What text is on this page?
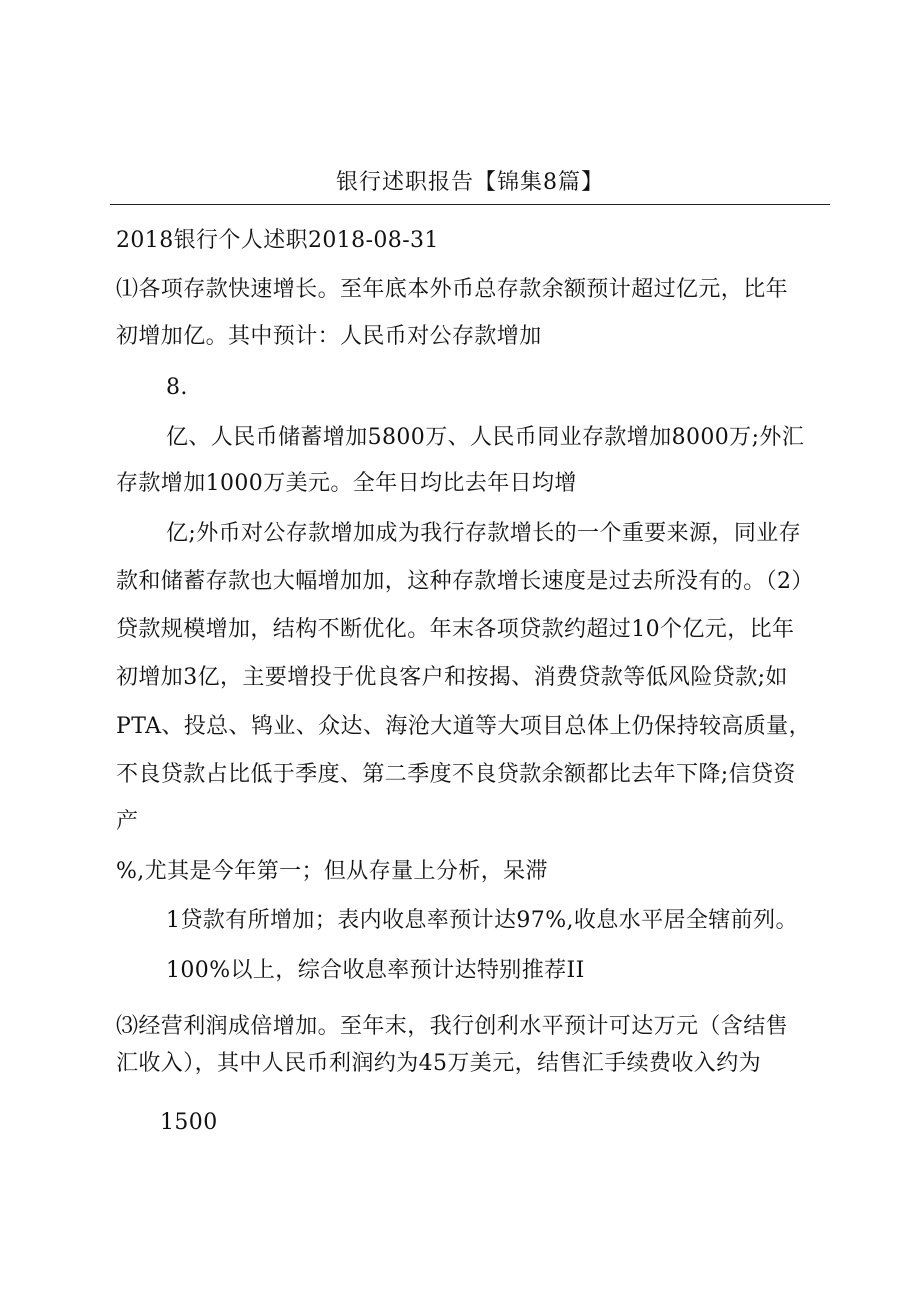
银行述职报告【锦集8篇】
2018银行个人述职2018-08-31
⑴各项存款快速增长。至年底本外币总存款余额预计超过亿元，比年
初增加亿。其中预计：人民币对公存款增加
8.
亿、人民币储蓄增加5800万、人民币同业存款增加8000万;外汇
存款增加1000万美元。全年日均比去年日均增
亿;外币对公存款增加成为我行存款增长的一个重要来源，同业存
款和储蓄存款也大幅增加加，这种存款增长速度是过去所没有的。（2）
贷款规模增加，结构不断优化。年末各项贷款约超过10个亿元，比年
初增加3亿，主要增投于优良客户和按揭、消费贷款等低风险贷款;如
PTA、投总、鸨业、众达、海沧大道等大项目总体上仍保持较高质量，
不良贷款占比低于季度、第二季度不良贷款余额都比去年下降;信贷资
产
%,尤其是今年第一；但从存量上分析，呆滞
1贷款有所增加；表内收息率预计达97%,收息水平居全辖前列。
100%以上，综合收息率预计达特别推荐II
⑶经营利润成倍增加。至年末，我行创利水平预计可达万元（含结售
汇收入），其中人民币利润约为45万美元，结售汇手续费收入约为
1500
